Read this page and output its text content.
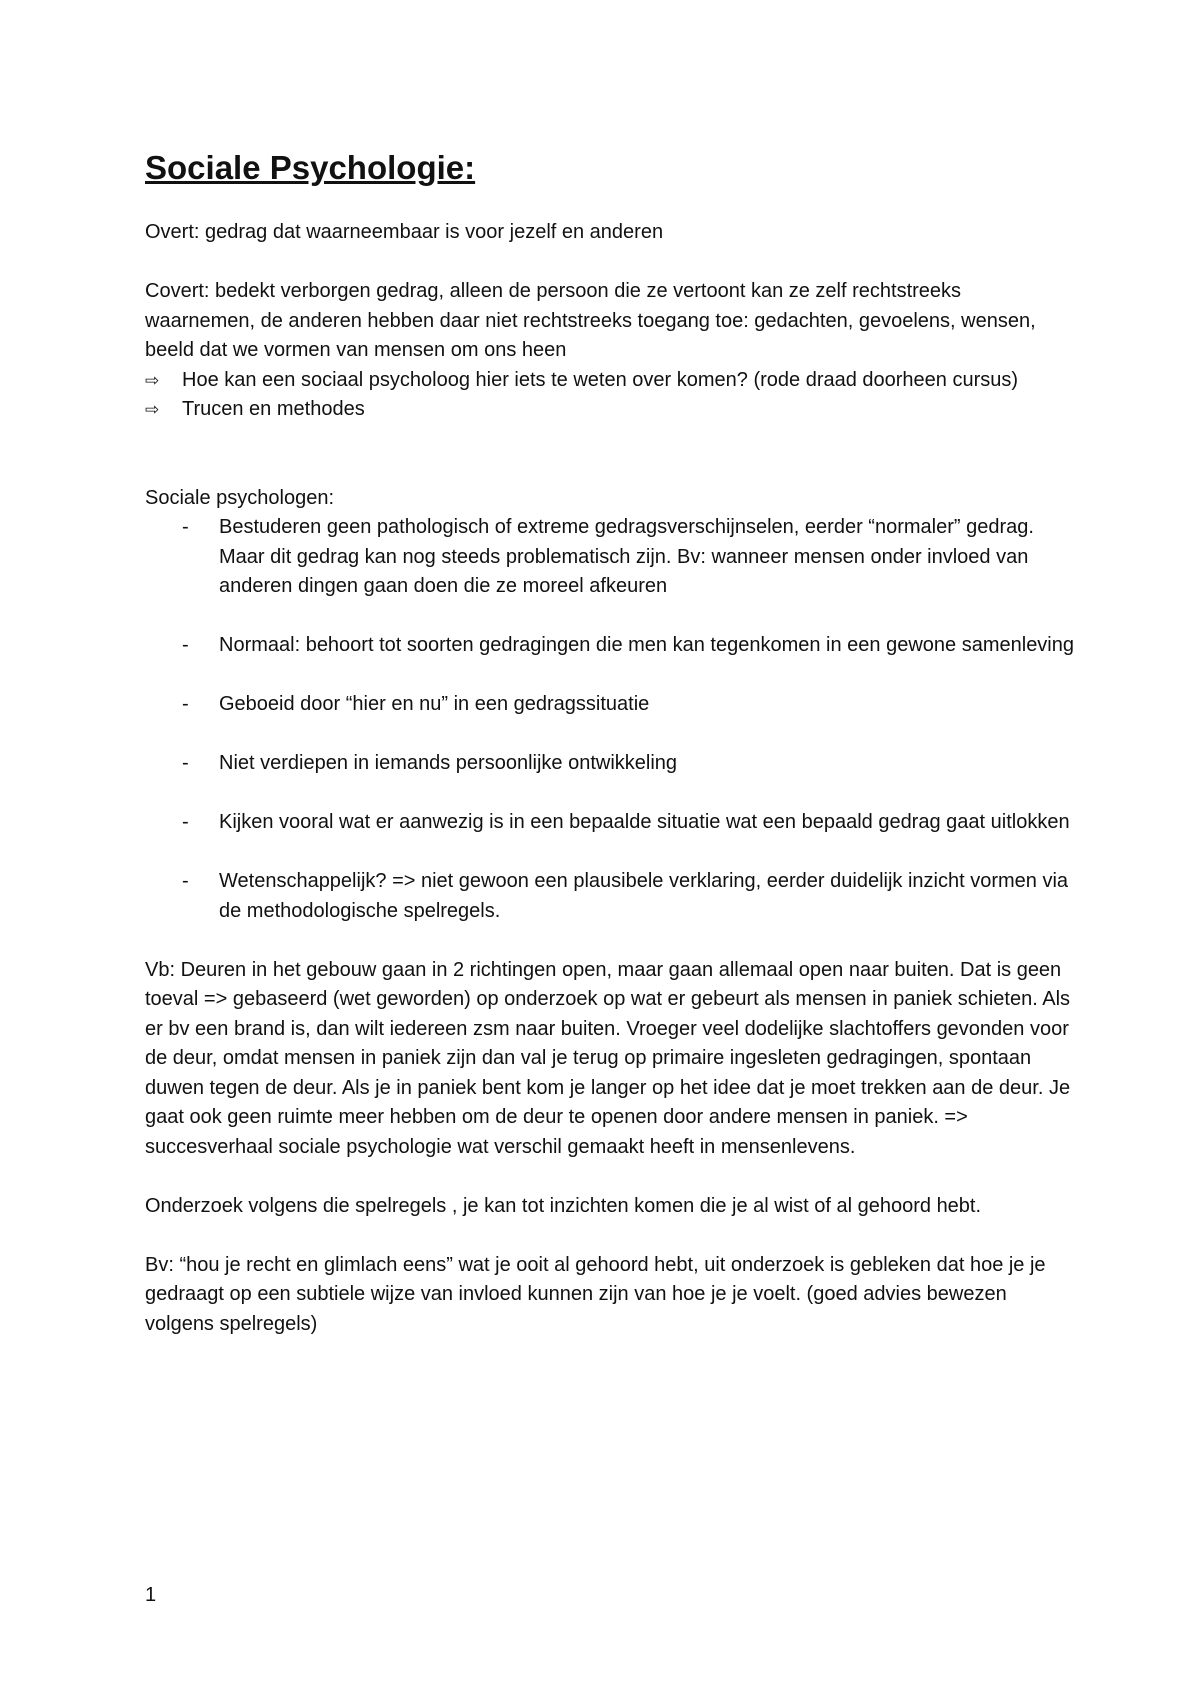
Sociale Psychologie:

Overt: gedrag dat waarneembaar is voor jezelf en anderen

Covert: bedekt verborgen gedrag, alleen de persoon die ze vertoont kan ze zelf rechtstreeks waarnemen, de anderen hebben daar niet rechtstreeks toegang toe: gedachten, gevoelens, wensen, beeld dat we vormen van mensen om ons heen

⇨ Hoe kan een sociaal psycholoog hier iets te weten over komen? (rode draad doorheen cursus)
⇨ Trucen en methodes

Sociale psychologen:

- Bestuderen geen pathologisch of extreme gedragsverschijnselen, eerder “normaler” gedrag. Maar dit gedrag kan nog steeds problematisch zijn. Bv: wanneer mensen onder invloed van anderen dingen gaan doen die ze moreel afkeuren
- Normaal: behoort tot soorten gedragingen die men kan tegenkomen in een gewone samenleving
- Geboeid door “hier en nu” in een gedragssituatie
- Niet verdiepen in iemands persoonlijke ontwikkeling
- Kijken vooral wat er aanwezig is in een bepaalde situatie wat een bepaald gedrag gaat uitlokken
- Wetenschappelijk? => niet gewoon een plausibele verklaring, eerder duidelijk inzicht vormen via de methodologische spelregels.

Vb: Deuren in het gebouw gaan in 2 richtingen open, maar gaan allemaal open naar buiten. Dat is geen toeval => gebaseerd (wet geworden) op onderzoek op wat er gebeurt als mensen in paniek schieten. Als er bv een brand is, dan wilt iedereen zsm naar buiten. Vroeger veel dodelijke slachtoffers gevonden voor de deur, omdat mensen in paniek zijn dan val je terug op primaire ingesleten gedragingen, spontaan duwen tegen de deur. Als je in paniek bent kom je langer op het idee dat je moet trekken aan de deur. Je gaat ook geen ruimte meer hebben om de deur te openen door andere mensen in paniek. => succesverhaal sociale psychologie wat verschil gemaakt heeft in mensenlevens.

Onderzoek volgens die spelregels , je kan tot inzichten komen die je al wist of al gehoord hebt.

Bv: “hou je recht en glimlach eens” wat je ooit al gehoord hebt, uit onderzoek is gebleken dat hoe je je gedraagt op een subtiele wijze van invloed kunnen zijn van hoe je je voelt. (goed advies bewezen volgens spelregels)

1
